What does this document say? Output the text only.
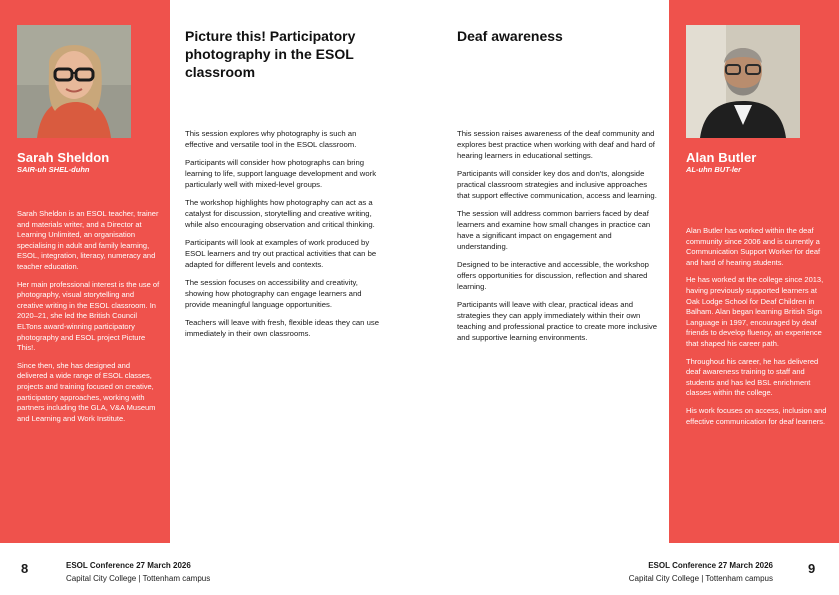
Sarah Sheldon
SAIR-uh SHEL-duhn

Sarah Sheldon is an ESOL teacher, trainer and materials writer, and a Director at Learning Unlimited, an organisation specialising in adult and family learning, ESOL, integration, literacy, numeracy and teacher education.

Her main professional interest is the use of photography, visual storytelling and creative writing in the ESOL classroom. In 2020–21, she led the British Council ELTons award-winning participatory photography and ESOL project Picture This!.

Since then, she has designed and delivered a wide range of ESOL classes, projects and training focused on creative, participatory approaches, working with partners including the GLA, V&A Museum and Learning and Work Institute.

Picture this! Participatory photography in the ESOL classroom

This session explores why photography is such an effective and versatile tool in the ESOL classroom.

Participants will consider how photographs can bring learning to life, support language development and work particularly well with mixed-level groups.

The workshop highlights how photography can act as a catalyst for discussion, storytelling and creative writing, while also encouraging observation and critical thinking.

Participants will look at examples of work produced by ESOL learners and try out practical activities that can be adapted for different levels and contexts.

The session focuses on accessibility and creativity, showing how photography can engage learners and provide meaningful language opportunities.

Teachers will leave with fresh, flexible ideas they can use immediately in their own classrooms.

Deaf awareness

This session raises awareness of the deaf community and explores best practice when working with deaf and hard of hearing learners in educational settings.

Participants will consider key dos and don'ts, alongside practical classroom strategies and inclusive approaches that support effective communication, access and learning.

The session will address common barriers faced by deaf learners and examine how small changes in practice can have a significant impact on engagement and understanding.

Designed to be interactive and accessible, the workshop offers opportunities for discussion, reflection and shared learning.

Participants will leave with clear, practical ideas and strategies they can apply immediately within their own teaching and professional practice to create more inclusive and supportive learning environments.

Alan Butler
AL-uhn BUT-ler

Alan Butler has worked within the deaf community since 2006 and is currently a Communication Support Worker for deaf and hard of hearing students.

He has worked at the college since 2013, having previously supported learners at Oak Lodge School for Deaf Children in Balham. Alan began learning British Sign Language in 1997, encouraged by deaf friends to develop fluency, an experience that shaped his career path.

Throughout his career, he has delivered deaf awareness training to staff and students and has led BSL enrichment classes within the college.

His work focuses on access, inclusion and effective communication for deaf learners.

8	ESOL Conference 27 March 2026
Capital City College | Tottenham campus
ESOL Conference 27 March 2026
Capital City College | Tottenham campus
9
